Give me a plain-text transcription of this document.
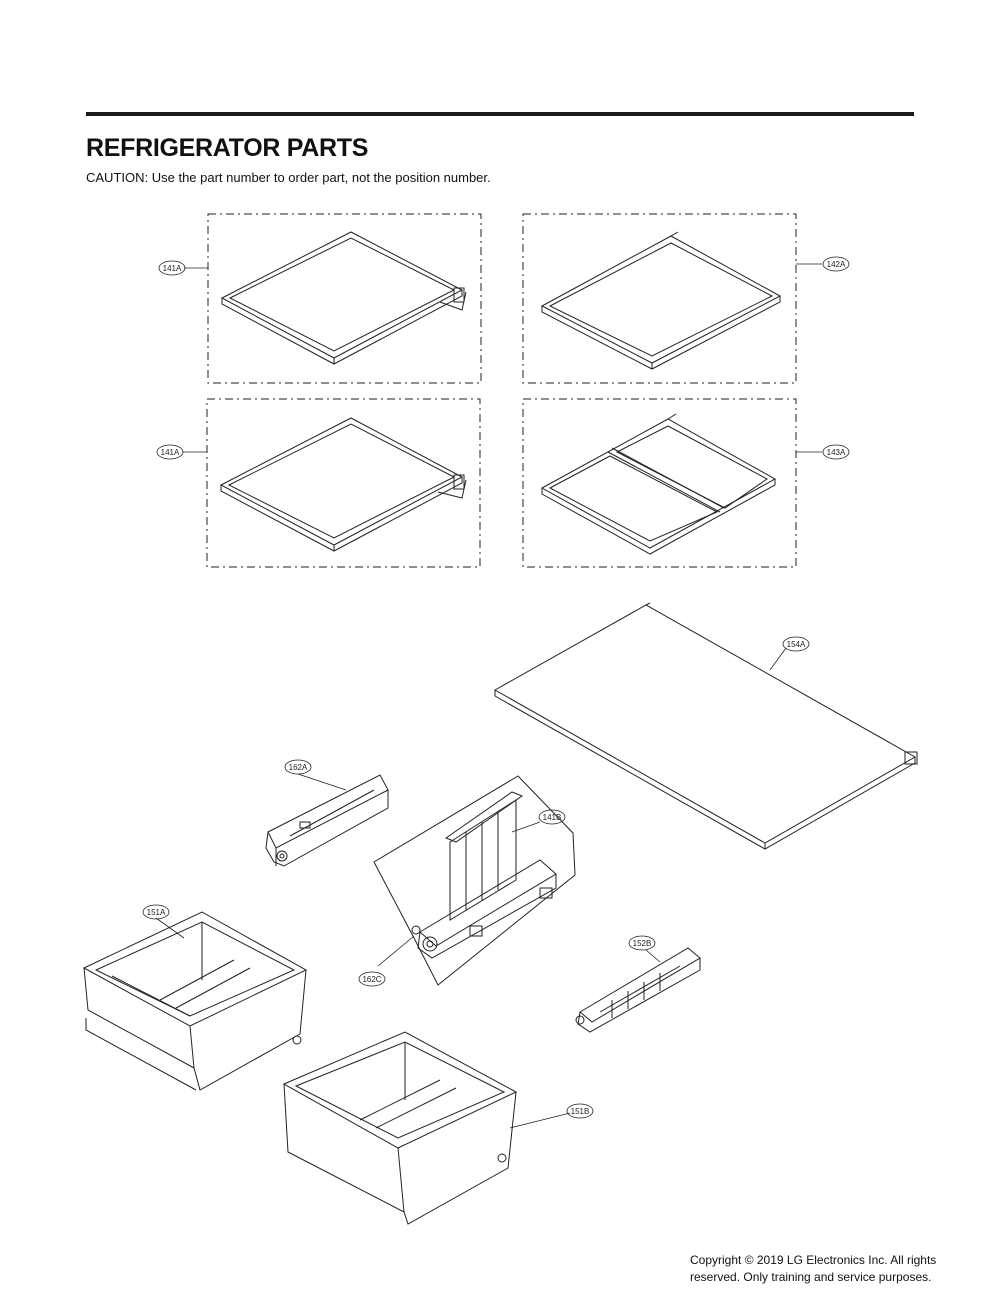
REFRIGERATOR PARTS
CAUTION: Use the part number to order part, not the position number.
141A	142A
141A	143A
154A
162A
141B
162C
151A
152B
151B
Copyright © 2019 LG Electronics Inc. All rights
reserved. Only training and service purposes.
